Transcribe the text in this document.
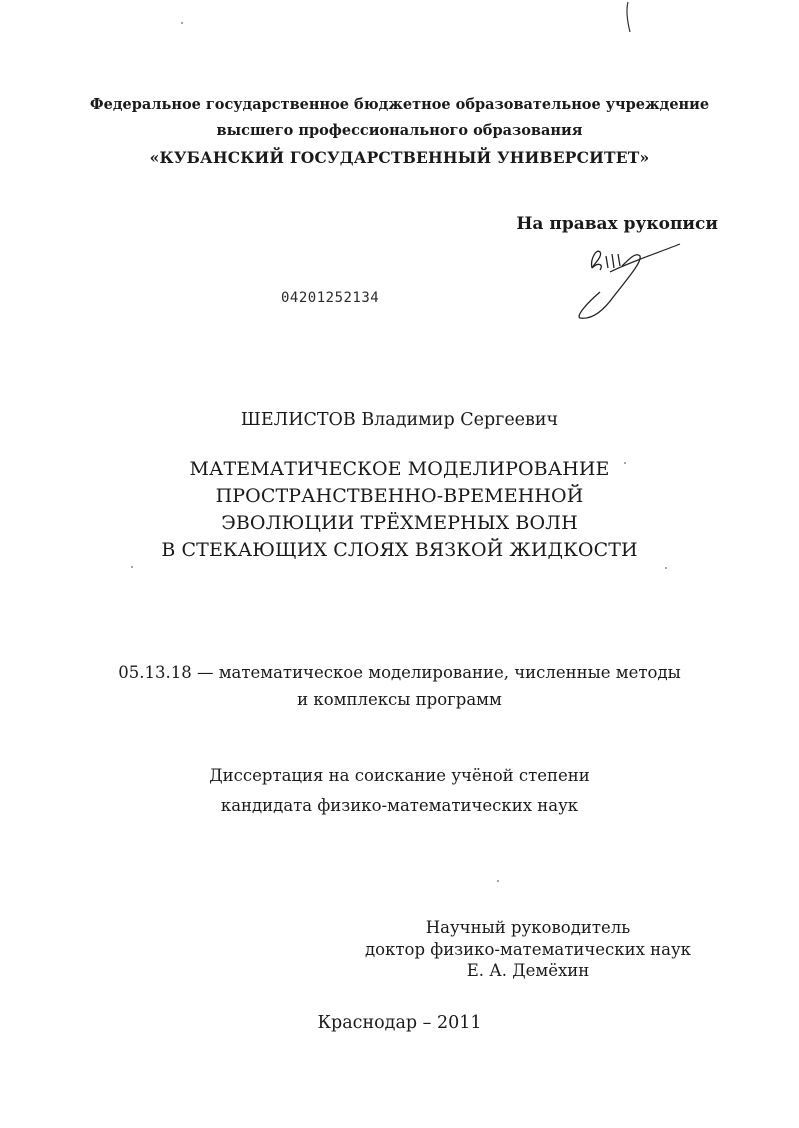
Федеральное государственное бюджетное образовательное учреждение
высшего профессионального образования
«КУБАНСКИЙ ГОСУДАРСТВЕННЫЙ УНИВЕРСИТЕТ»
На правах рукописи
04201252134
ШЕЛИСТОВ Владимир Сергеевич
МАТЕМАТИЧЕСКОЕ МОДЕЛИРОВАНИЕ
ПРОСТРАНСТВЕННО-ВРЕМЕННОЙ
ЭВОЛЮЦИИ ТРЁХМЕРНЫХ ВОЛН
В СТЕКАЮЩИХ СЛОЯХ ВЯЗКОЙ ЖИДКОСТИ
05.13.18 — математическое моделирование, численные методы
и комплексы программ
Диссертация на соискание учёной степени
кандидата физико-математических наук
Научный руководитель
доктор физико-математических наук
Е. А. Демёхин
Краснодар – 2011
